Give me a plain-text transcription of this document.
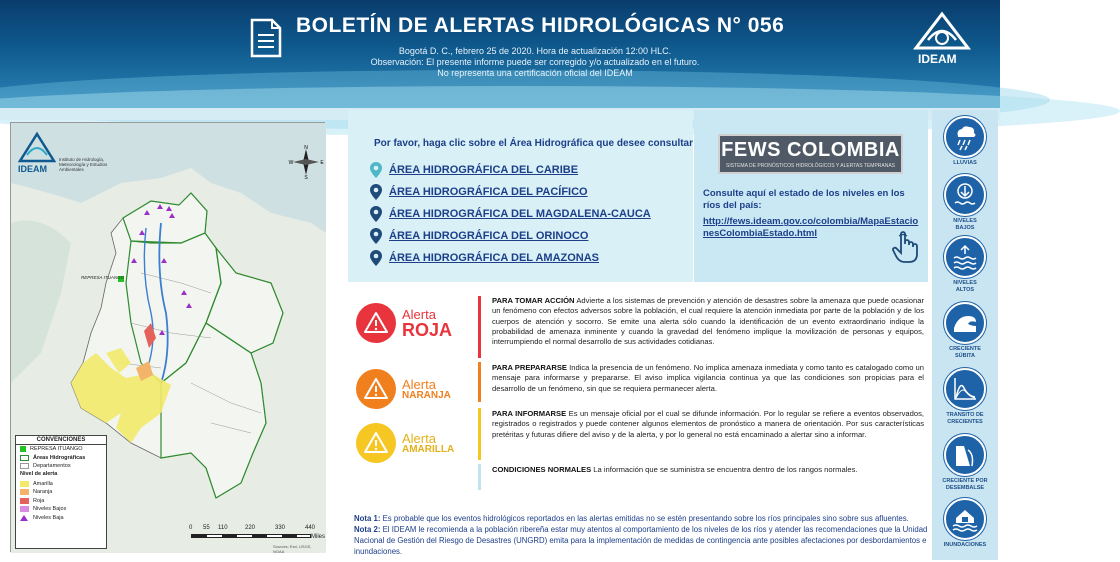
BOLETÍN DE ALERTAS HIDROLÓGICAS N° 056
Bogotá D. C., febrero 25 de 2020. Hora de actualización 12:00 HLC.
Observación: El presente informe puede ser corregido y/o actualizado en el futuro.
No representa una certificación oficial del IDEAM
IDEAM
IDEAM
Instituto de Hidrología, Meteorología y Estudios Ambientales
N
S
E
W
REPRESA ITUANGO
CONVENCIONES
REPRESA ITUANGO
Áreas Hidrográficas
Departamentos
Nivel de alerta
Amarilla
Naranja
Roja
Niveles Bajos
Niveles Baja
0 55 110	220	330	440
Miles
Sources: Esri, USGS, NOAA
Por favor, haga clic sobre el Área Hidrográfica que desee consultar
ÁREA HIDROGRÁFICA DEL CARIBE
ÁREA HIDROGRÁFICA DEL PACÍFICO
ÁREA HIDROGRÁFICA DEL MAGDALENA-CAUCA
ÁREA HIDROGRÁFICA DEL ORINOCO
ÁREA HIDROGRÁFICA DEL AMAZONAS
FEWS COLOMBIA
SISTEMA DE PRONÓSTICOS HIDROLÓGICOS Y ALERTAS TEMPRANAS
Consulte aquí el estado de los niveles en los ríos del país:
http://fews.ideam.gov.co/colombia/MapaEstacionesColombiaEstado.html
LLUVIAS
NIVELES BAJOS
NIVELES ALTOS
CRECIENTE SÚBITA
TRANSITO DE CRECIENTES
CRECIENTE POR DESEMBALSE
INUNDACIONES
Alerta
ROJA
Alerta
NARANJA
Alerta
AMARILLA
PARA TOMAR ACCIÓN Advierte a los sistemas de prevención y atención de desastres sobre la amenaza que puede ocasionar un fenómeno con efectos adversos sobre la población, el cual requiere la atención inmediata por parte de la población y de los cuerpos de atención y socorro. Se emite una alerta sólo cuando la identificación de un evento extraordinario indique la probabilidad de amenaza inminente y cuando la gravedad del fenómeno implique la movilización de personas y equipos, interrumpiendo el normal desarrollo de sus actividades cotidianas.
PARA PREPARARSE Indica la presencia de un fenómeno. No implica amenaza inmediata y como tanto es catalogado como un mensaje para informarse y prepararse. El aviso implica vigilancia continua ya que las condiciones son propicias para el desarrollo de un fenómeno, sin que se requiera permanecer alerta.
PARA INFORMARSE Es un mensaje oficial por el cual se difunde información. Por lo regular se refiere a eventos observados, registrados o registrados y puede contener algunos elementos de pronóstico a manera de orientación. Por sus características pretéritas y futuras difiere del aviso y de la alerta, y por lo general no está encaminado a alertar sino a informar.
CONDICIONES NORMALES La información que se suministra se encuentra dentro de los rangos normales.
Nota 1: Es probable que los eventos hidrológicos reportados en las alertas emitidas no se estén presentando sobre los ríos principales sino sobre sus afluentes.
Nota 2: El IDEAM le recomienda a la población ribereña estar muy atentos al comportamiento de los niveles de los ríos y atender las recomendaciones que la Unidad Nacional de Gestión del Riesgo de Desastres (UNGRD) emita para la implementación de medidas de contingencia ante posibles afectaciones por desbordamientos e inundaciones.
